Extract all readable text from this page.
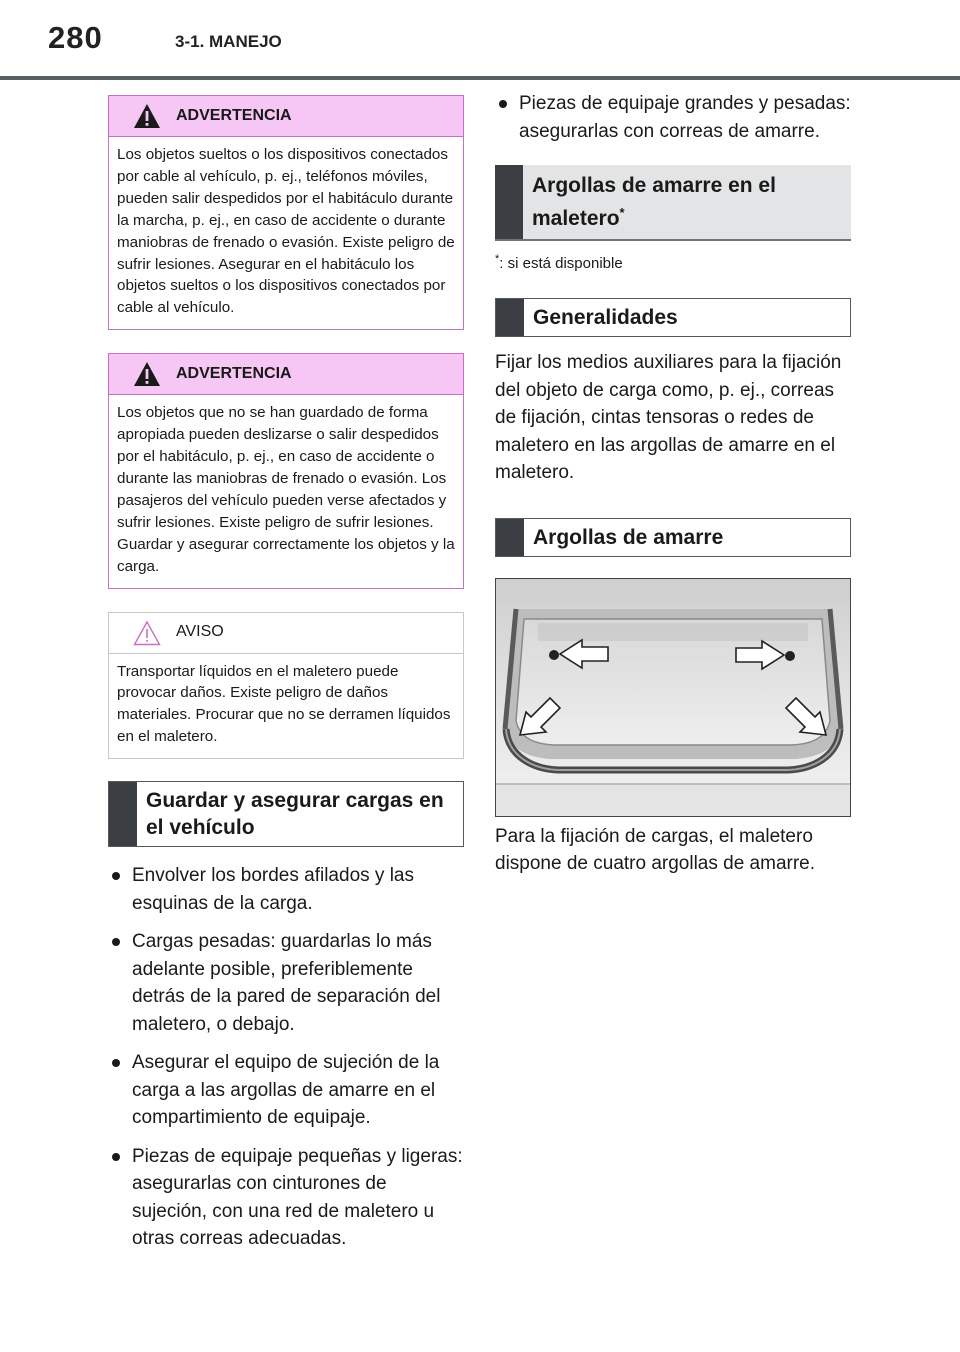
280	3-1. MANEJO
ADVERTENCIA
Los objetos sueltos o los dispositivos conectados por cable al vehículo, p. ej., teléfonos móviles, pueden salir despedidos por el habitáculo durante la marcha, p. ej., en caso de accidente o durante maniobras de frenado o evasión. Existe peligro de sufrir lesiones. Asegurar en el habitáculo los objetos sueltos o los dispositivos conectados por cable al vehículo.
ADVERTENCIA
Los objetos que no se han guardado de forma apropiada pueden deslizarse o salir despedidos por el habitáculo, p. ej., en caso de accidente o durante las maniobras de frenado o evasión. Los pasajeros del vehículo pueden verse afectados y sufrir lesiones. Existe peligro de sufrir lesiones. Guardar y asegurar correctamente los objetos y la carga.
AVISO
Transportar líquidos en el maletero puede provocar daños. Existe peligro de daños materiales. Procurar que no se derramen líquidos en el maletero.
Guardar y asegurar cargas en el vehículo
Envolver los bordes afilados y las esquinas de la carga.
Cargas pesadas: guardarlas lo más adelante posible, preferiblemente detrás de la pared de separación del maletero, o debajo.
Asegurar el equipo de sujeción de la carga a las argollas de amarre en el compartimiento de equipaje.
Piezas de equipaje pequeñas y ligeras: asegurarlas con cinturones de sujeción, con una red de maletero u otras correas adecuadas.
Piezas de equipaje grandes y pesadas: asegurarlas con correas de amarre.
Argollas de amarre en el maletero*
*: si está disponible
Generalidades
Fijar los medios auxiliares para la fijación del objeto de carga como, p. ej., correas de fijación, cintas tensoras o redes de maletero en las argollas de amarre en el maletero.
Argollas de amarre
Para la fijación de cargas, el maletero dispone de cuatro argollas de amarre.
